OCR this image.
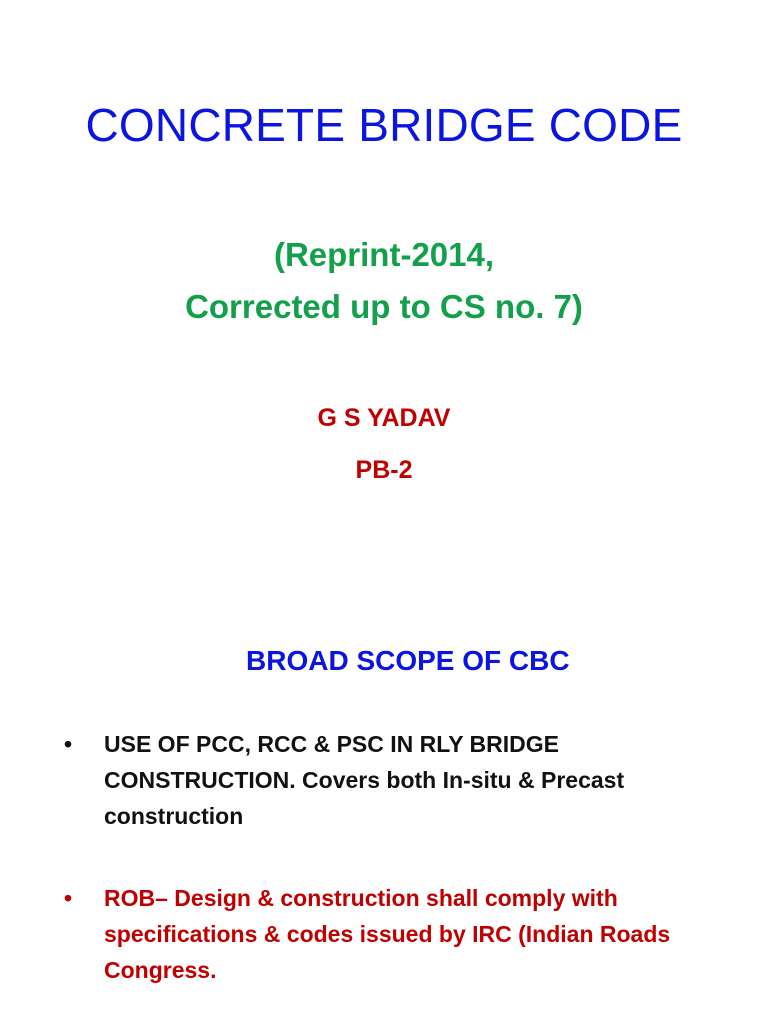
CONCRETE BRIDGE CODE

(Reprint-2014,

Corrected up to CS no. 7)

G S YADAV

PB-2

BROAD SCOPE OF CBC
• USE OF PCC, RCC & PSC IN RLY BRIDGE CONSTRUCTION. Covers both In-situ & Precast construction
• ROB– Design & construction shall comply with specifications & codes issued by IRC (Indian Roads Congress.
